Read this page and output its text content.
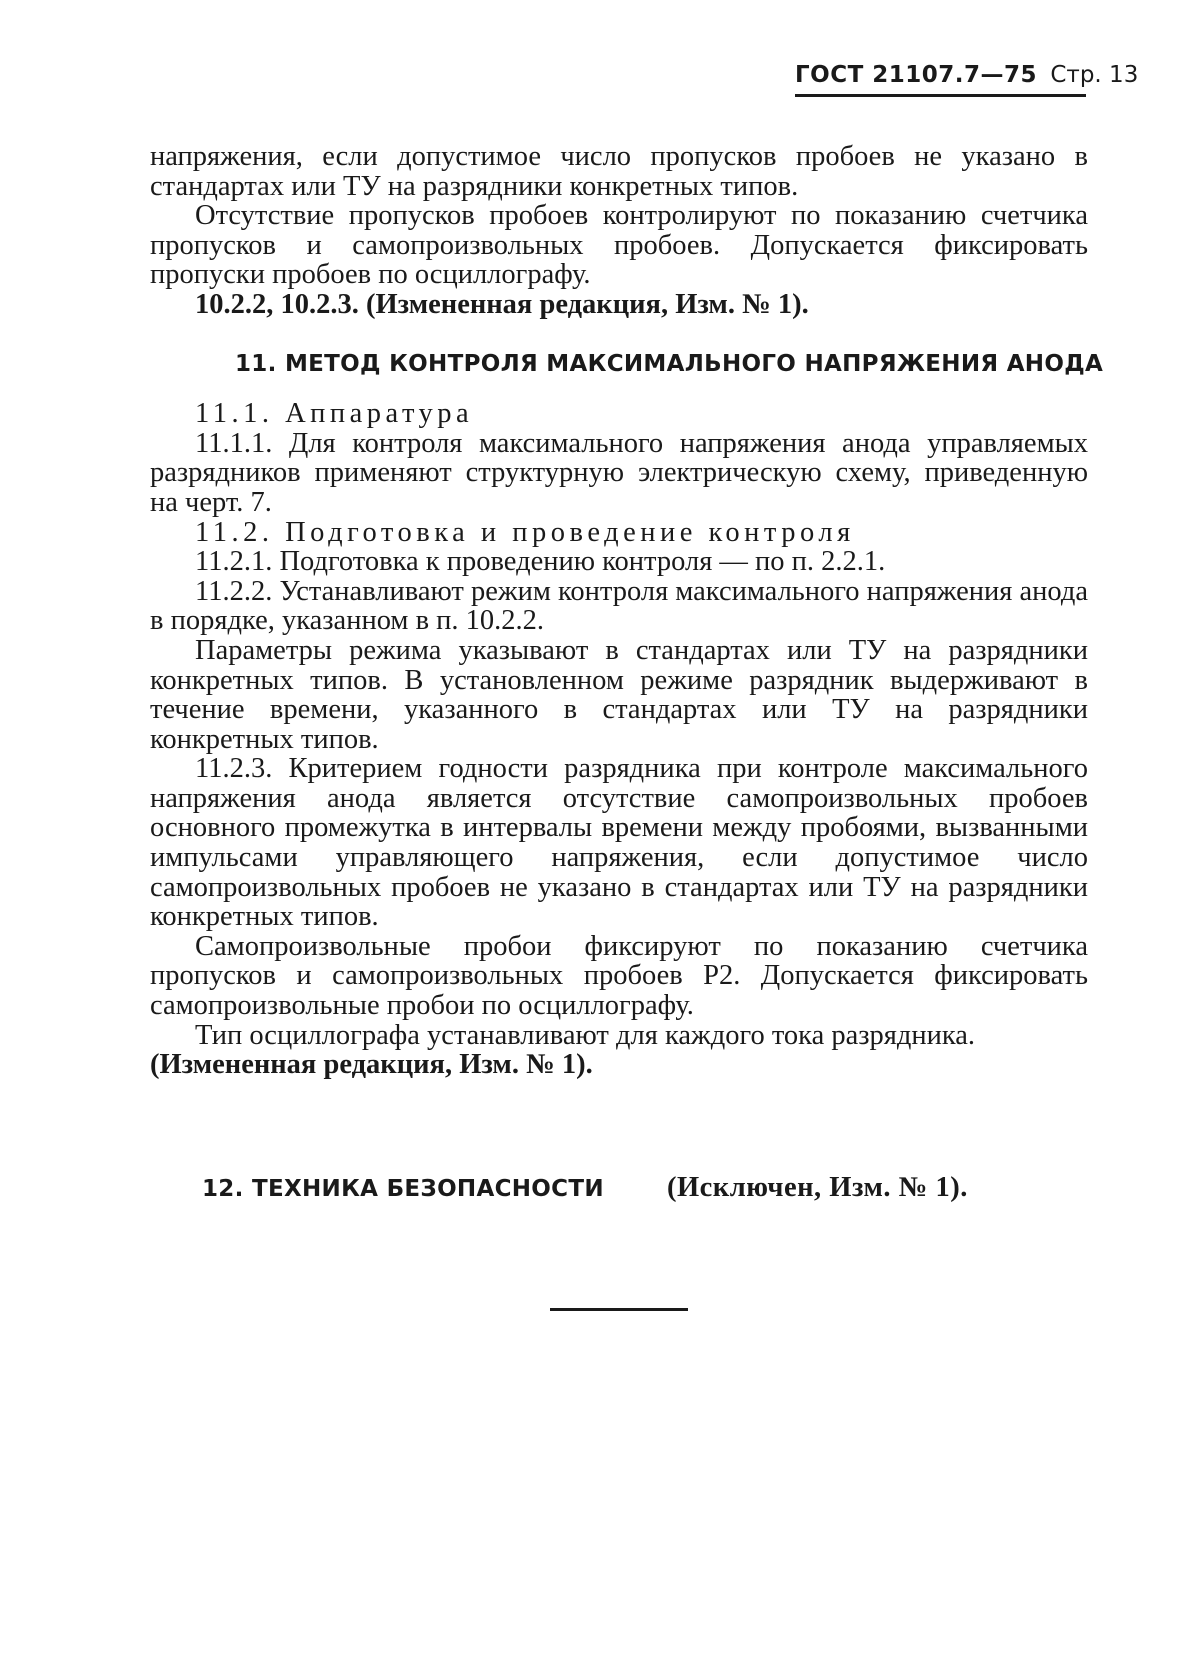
ГОСТ 21107.7—75 Стр. 13

напряжения, если допустимое число пропусков пробоев не указано в стандартах или ТУ на разрядники конкретных типов.

Отсутствие пропусков пробоев контролируют по показанию счетчика пропусков и самопроизвольных пробоев. Допускается фиксировать пропуски пробоев по осциллографу.

10.2.2, 10.2.3. (Измененная редакция, Изм. № 1).

11. МЕТОД КОНТРОЛЯ МАКСИМАЛЬНОГО НАПРЯЖЕНИЯ АНОДА

11.1. Аппаратура

11.1.1. Для контроля максимального напряжения анода управляемых разрядников применяют структурную электрическую схему, приведенную на черт. 7.

11.2. Подготовка и проведение контроля

11.2.1. Подготовка к проведению контроля — по п. 2.2.1.

11.2.2. Устанавливают режим контроля максимального напряжения анода в порядке, указанном в п. 10.2.2.

Параметры режима указывают в стандартах или ТУ на разрядники конкретных типов. В установленном режиме разрядник выдерживают в течение времени, указанного в стандартах или ТУ на разрядники конкретных типов.

11.2.3. Критерием годности разрядника при контроле максимального напряжения анода является отсутствие самопроизвольных пробоев основного промежутка в интервалы времени между пробоями, вызванными импульсами управляющего напряжения, если допустимое число самопроизвольных пробоев не указано в стандартах или ТУ на разрядники конкретных типов.

Самопроизвольные пробои фиксируют по показанию счетчика пропусков и самопроизвольных пробоев P2. Допускается фиксировать самопроизвольные пробои по осциллографу.

Тип осциллографа устанавливают для каждого тока разрядника.

(Измененная редакция, Изм. № 1).

12. ТЕХНИКА БЕЗОПАСНОСТИ (Исключен, Изм. № 1).
